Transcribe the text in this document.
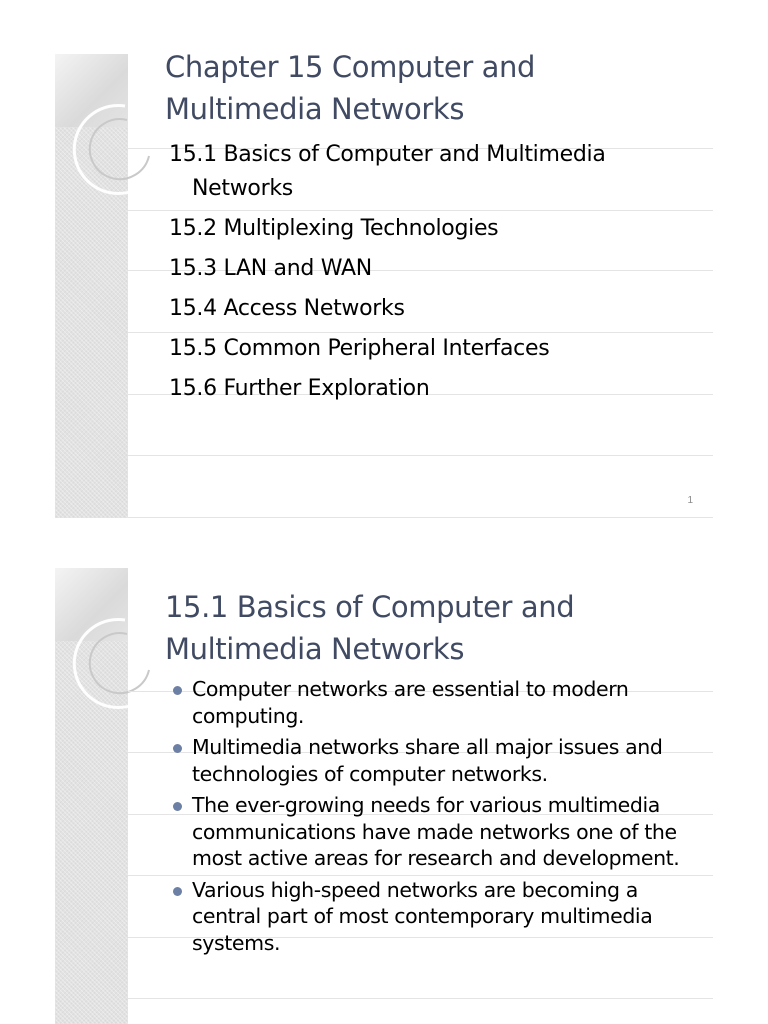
Chapter 15 Computer and Multimedia Networks
15.1 Basics of Computer and Multimedia Networks
15.2 Multiplexing Technologies
15.3 LAN and WAN
15.4 Access Networks
15.5 Common Peripheral Interfaces
15.6 Further Exploration
1
15.1 Basics of Computer and Multimedia Networks
Computer networks are essential to modern computing.
Multimedia networks share all major issues and technologies of computer networks.
The ever-growing needs for various multimedia communications have made networks one of the most active areas for research and development.
Various high-speed networks are becoming a central part of most contemporary multimedia systems.
